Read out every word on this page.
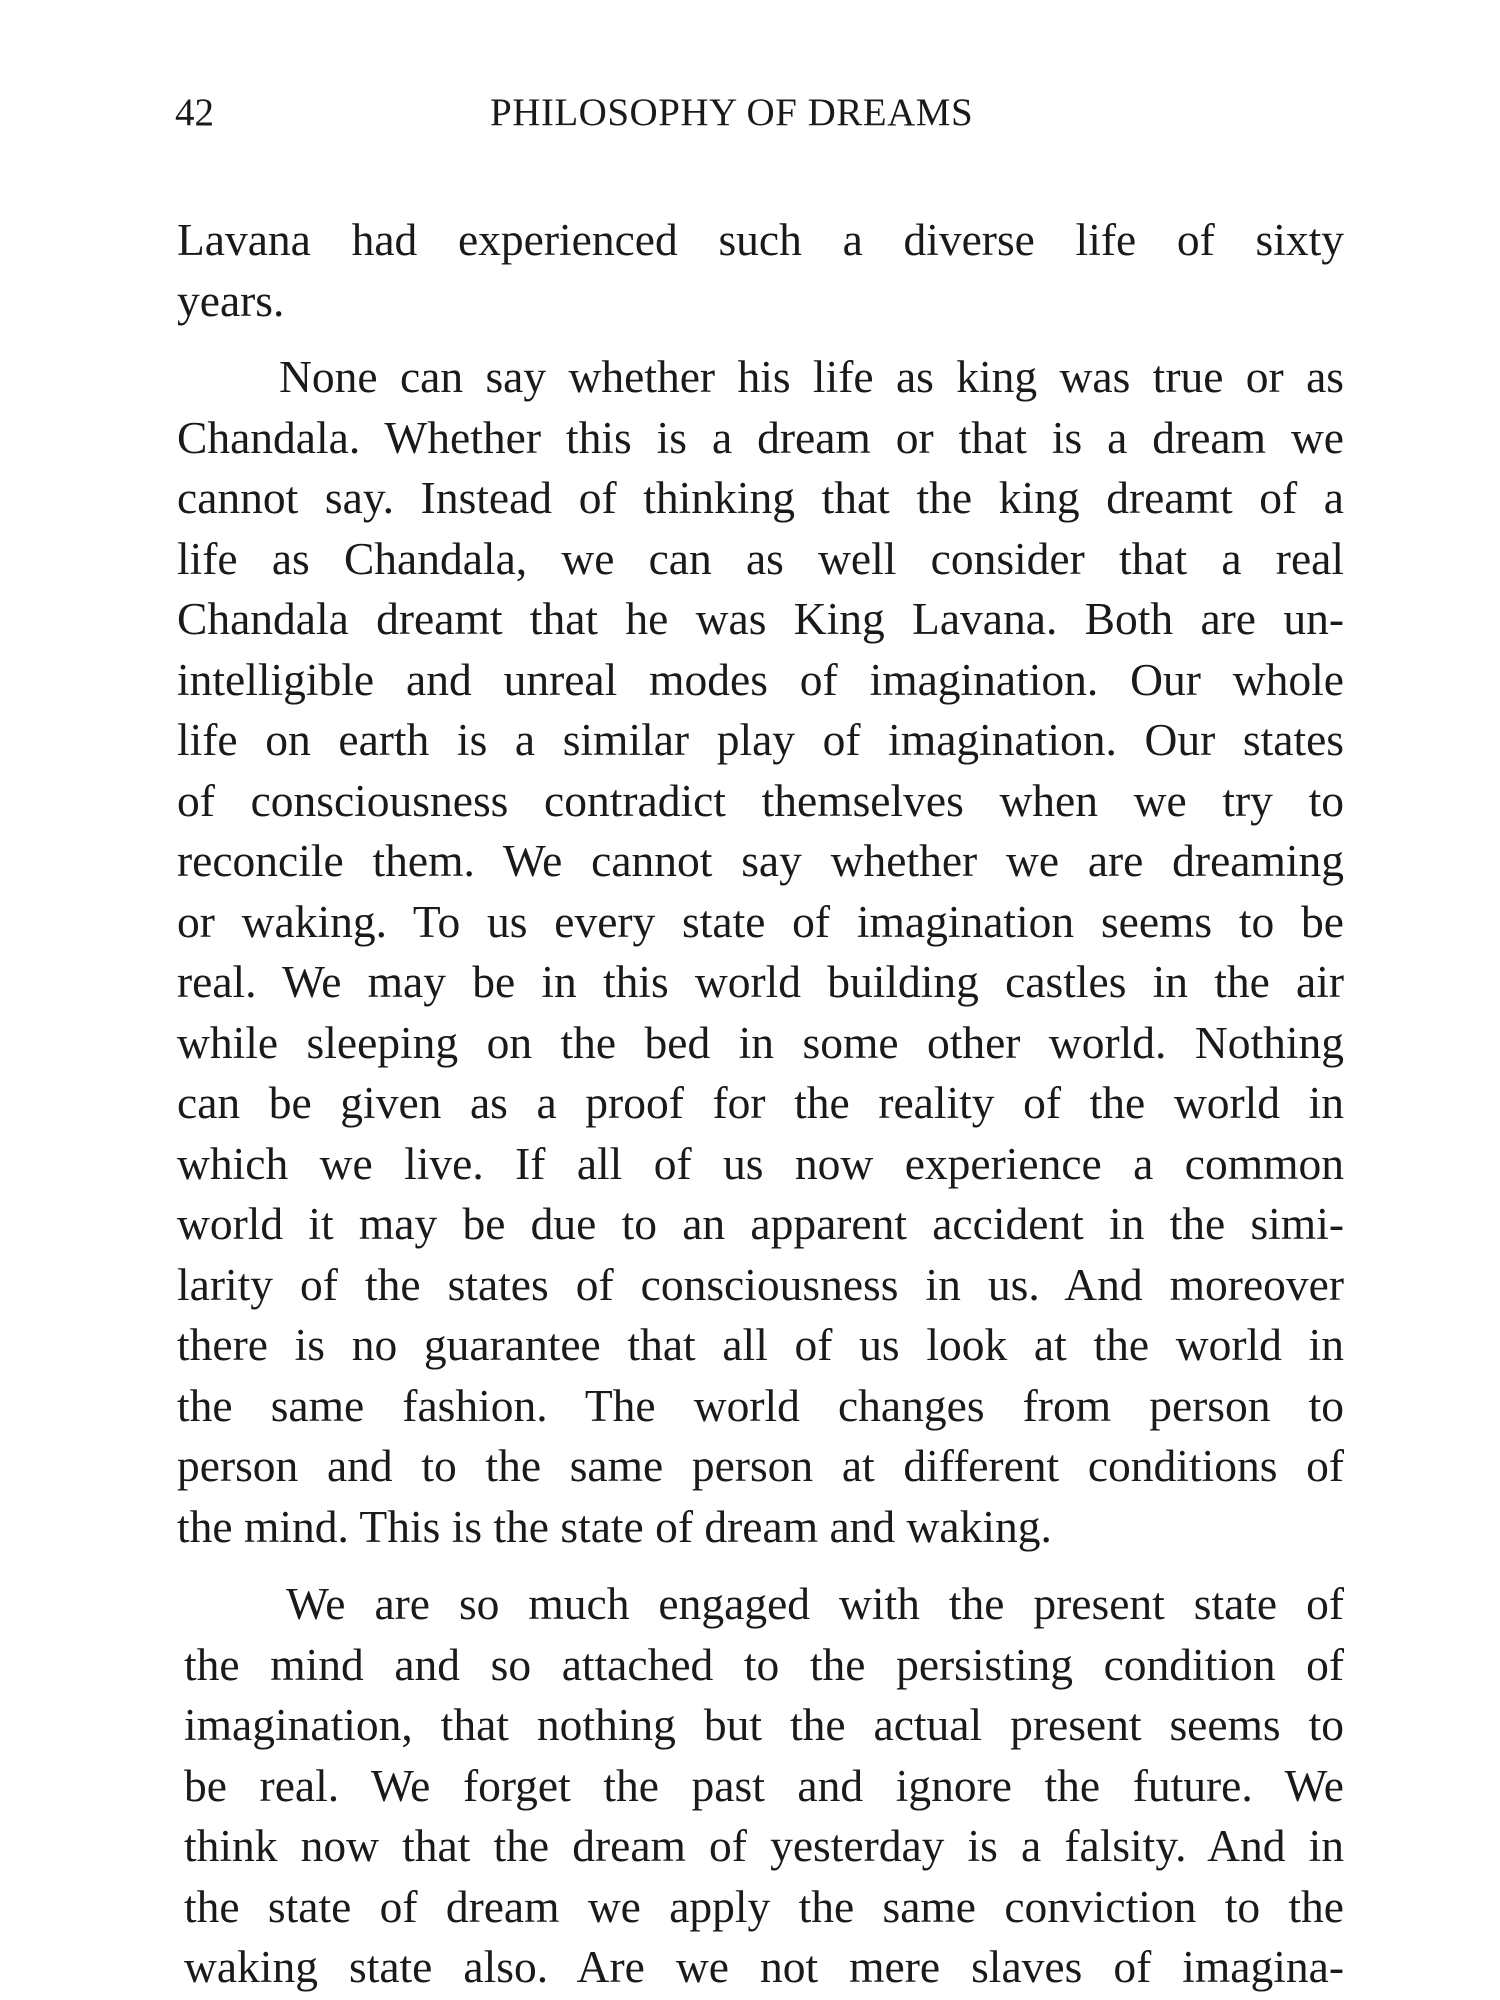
42	PHILOSOPHY OF DREAMS
Lavana had experienced such a diverse life of sixty
years.
None can say whether his life as king was true or as
Chandala. Whether this is a dream or that is a dream we
cannot say. Instead of thinking that the king dreamt of a
life as Chandala, we can as well consider that a real
Chandala dreamt that he was King Lavana. Both are un-
intelligible and unreal modes of imagination. Our whole
life on earth is a similar play of imagination. Our states
of consciousness contradict themselves when we try to
reconcile them. We cannot say whether we are dreaming
or waking. To us every state of imagination seems to be
real. We may be in this world building castles in the air
while sleeping on the bed in some other world. Nothing
can be given as a proof for the reality of the world in
which we live. If all of us now experience a common
world it may be due to an apparent accident in the simi-
larity of the states of consciousness in us. And moreover
there is no guarantee that all of us look at the world in
the same fashion. The world changes from person to
person and to the same person at different conditions of
the mind. This is the state of dream and waking.
We are so much engaged with the present state of
the mind and so attached to the persisting condition of
imagination, that nothing but the actual present seems to
be real. We forget the past and ignore the future. We
think now that the dream of yesterday is a falsity. And in
the state of dream we apply the same conviction to the
waking state also. Are we not mere slaves of imagina-
